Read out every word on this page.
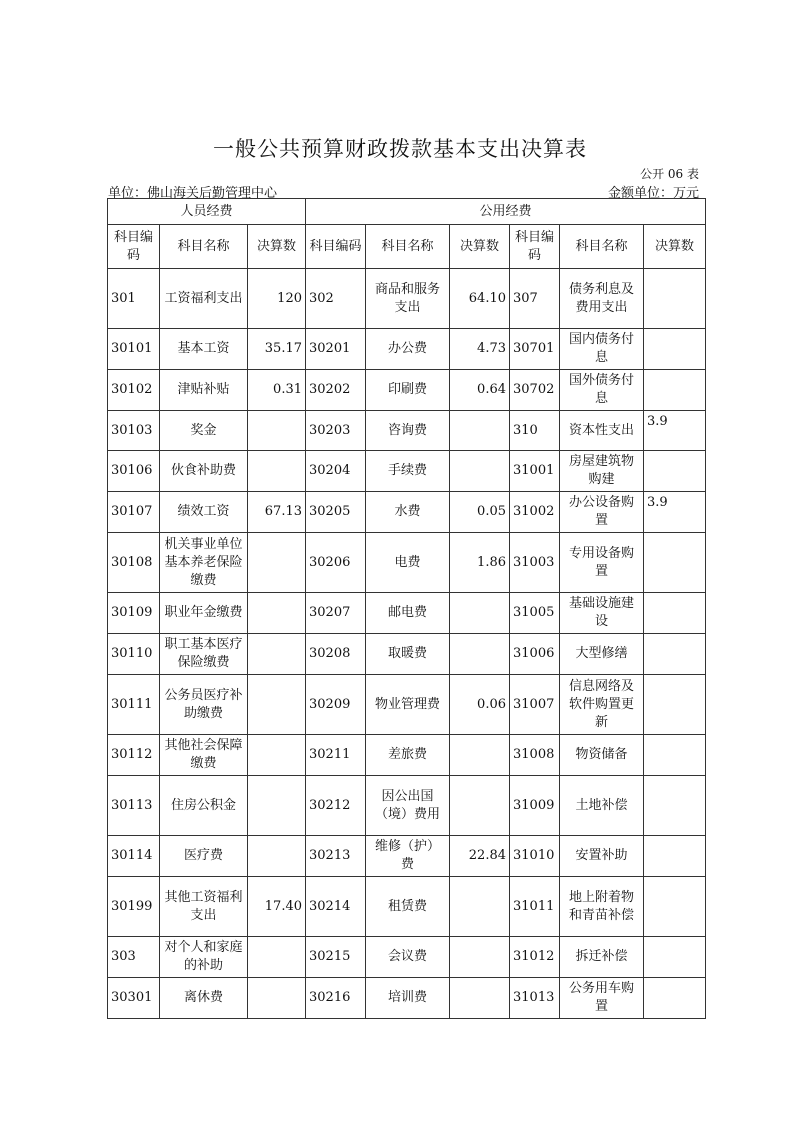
一般公共预算财政拨款基本支出决算表
公开 06 表
单位：佛山海关后勤管理中心	金额单位：万元
人员经费			公用经费					
科目编码	科目名称	决算数	科目编码	科目名称	决算数	科目编码	科目名称	决算数
301	工资福利支出	120	302	商品和服务支出	64.10	307	债务利息及费用支出	
30101	基本工资	35.17	30201	办公费	4.73	30701	国内债务付息	
30102	津贴补贴	0.31	30202	印刷费	0.64	30702	国外债务付息	
30103	奖金		30203	咨询费		310	资本性支出	3.9
30106	伙食补助费		30204	手续费		31001	房屋建筑物购建	
30107	绩效工资	67.13	30205	水费	0.05	31002	办公设备购置	3.9
30108	机关事业单位基本养老保险缴费		30206	电费	1.86	31003	专用设备购置	
30109	职业年金缴费		30207	邮电费		31005	基础设施建设	
30110	职工基本医疗保险缴费		30208	取暖费		31006	大型修缮	
30111	公务员医疗补助缴费		30209	物业管理费	0.06	31007	信息网络及软件购置更新	
30112	其他社会保障缴费		30211	差旅费		31008	物资储备	
30113	住房公积金		30212	因公出国（境）费用		31009	土地补偿	
30114	医疗费		30213	维修（护）费	22.84	31010	安置补助	
30199	其他工资福利支出	17.40	30214	租赁费		31011	地上附着物和青苗补偿	
303	对个人和家庭的补助		30215	会议费		31012	拆迁补偿	
30301	离休费		30216	培训费		31013	公务用车购置	
